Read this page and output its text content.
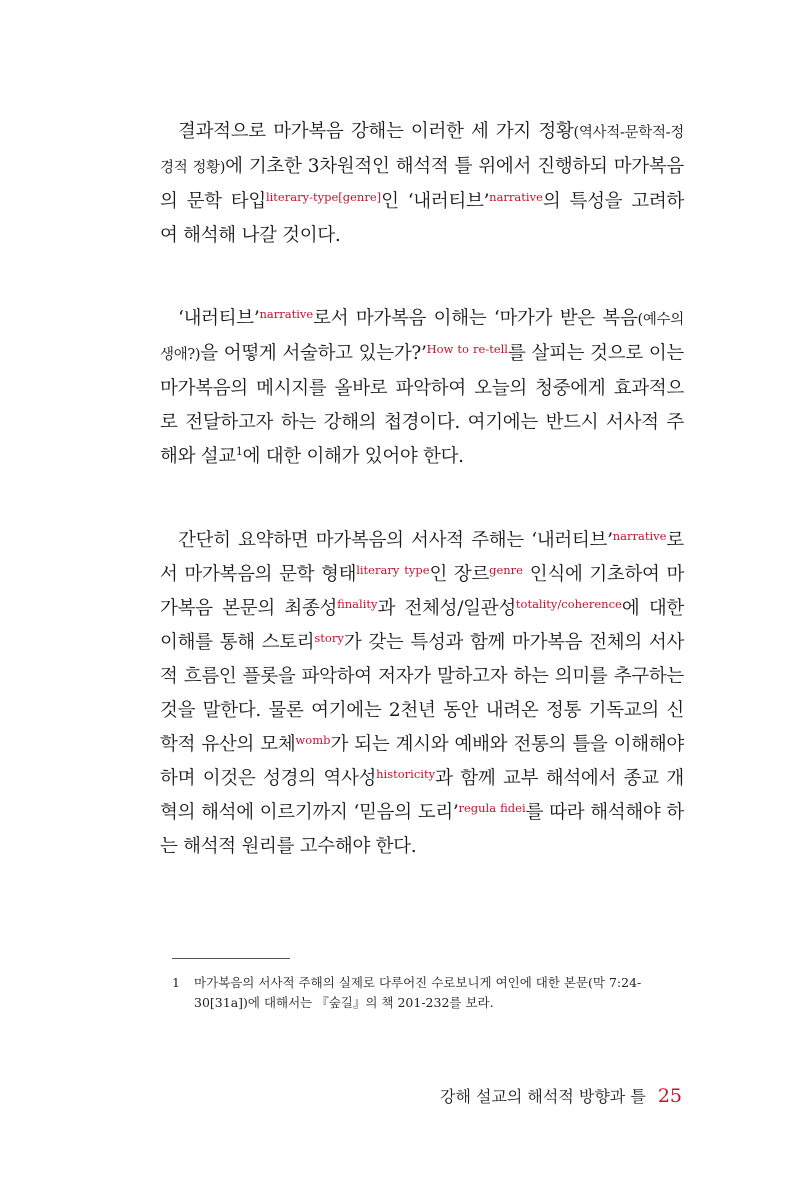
결과적으로 마가복음 강해는 이러한 세 가지 정황(역사적-문학적-정경적 정황)에 기초한 3차원적인 해석적 틀 위에서 진행하되 마가복음의 문학 타입$^{literary-type[genre]}$인 ‘내러티브’$^{narrative}$의 특성을 고려하여 해석해 나갈 것이다.

‘내러티브’$^{narrative}$로서 마가복음 이해는 ‘마가가 받은 복음(예수의 생애?)을 어떻게 서술하고 있는가?’$^{How to re-tell}$를 살피는 것으로 이는 마가복음의 메시지를 올바로 파악하여 오늘의 청중에게 효과적으로 전달하고자 하는 강해의 첩경이다. 여기에는 반드시 서사적 주해와 설교$^1$에 대한 이해가 있어야 한다.

간단히 요약하면 마가복음의 서사적 주해는 ‘내러티브’$^{narrative}$로서 마가복음의 문학 형태$^{literary type}$인 장르$^{genre}$ 인식에 기초하여 마가복음 본문의 최종성$^{finality}$과 전체성/일관성$^{totality/coherence}$에 대한 이해를 통해 스토리$^{story}$가 갖는 특성과 함께 마가복음 전체의 서사적 흐름인 플롯을 파악하여 저자가 말하고자 하는 의미를 추구하는 것을 말한다. 물론 여기에는 2천년 동안 내려온 정통 기독교의 신학적 유산의 모체$^{womb}$가 되는 계시와 예배와 전통의 틀을 이해해야 하며 이것은 성경의 역사성$^{historicity}$과 함께 교부 해석에서 종교 개혁의 해석에 이르기까지 ‘믿음의 도리’$^{regula fidei}$를 따라 해석해야 하는 해석적 원리를 고수해야 한다.

1	마가복음의 서사적 주해의 실제로 다루어진 수로보니게 여인에 대한 본문(막 7:24-30[31a])에 대해서는 『숲길』의 책 201-232를 보라.
강해 설교의 해석적 방향과 틀 25
